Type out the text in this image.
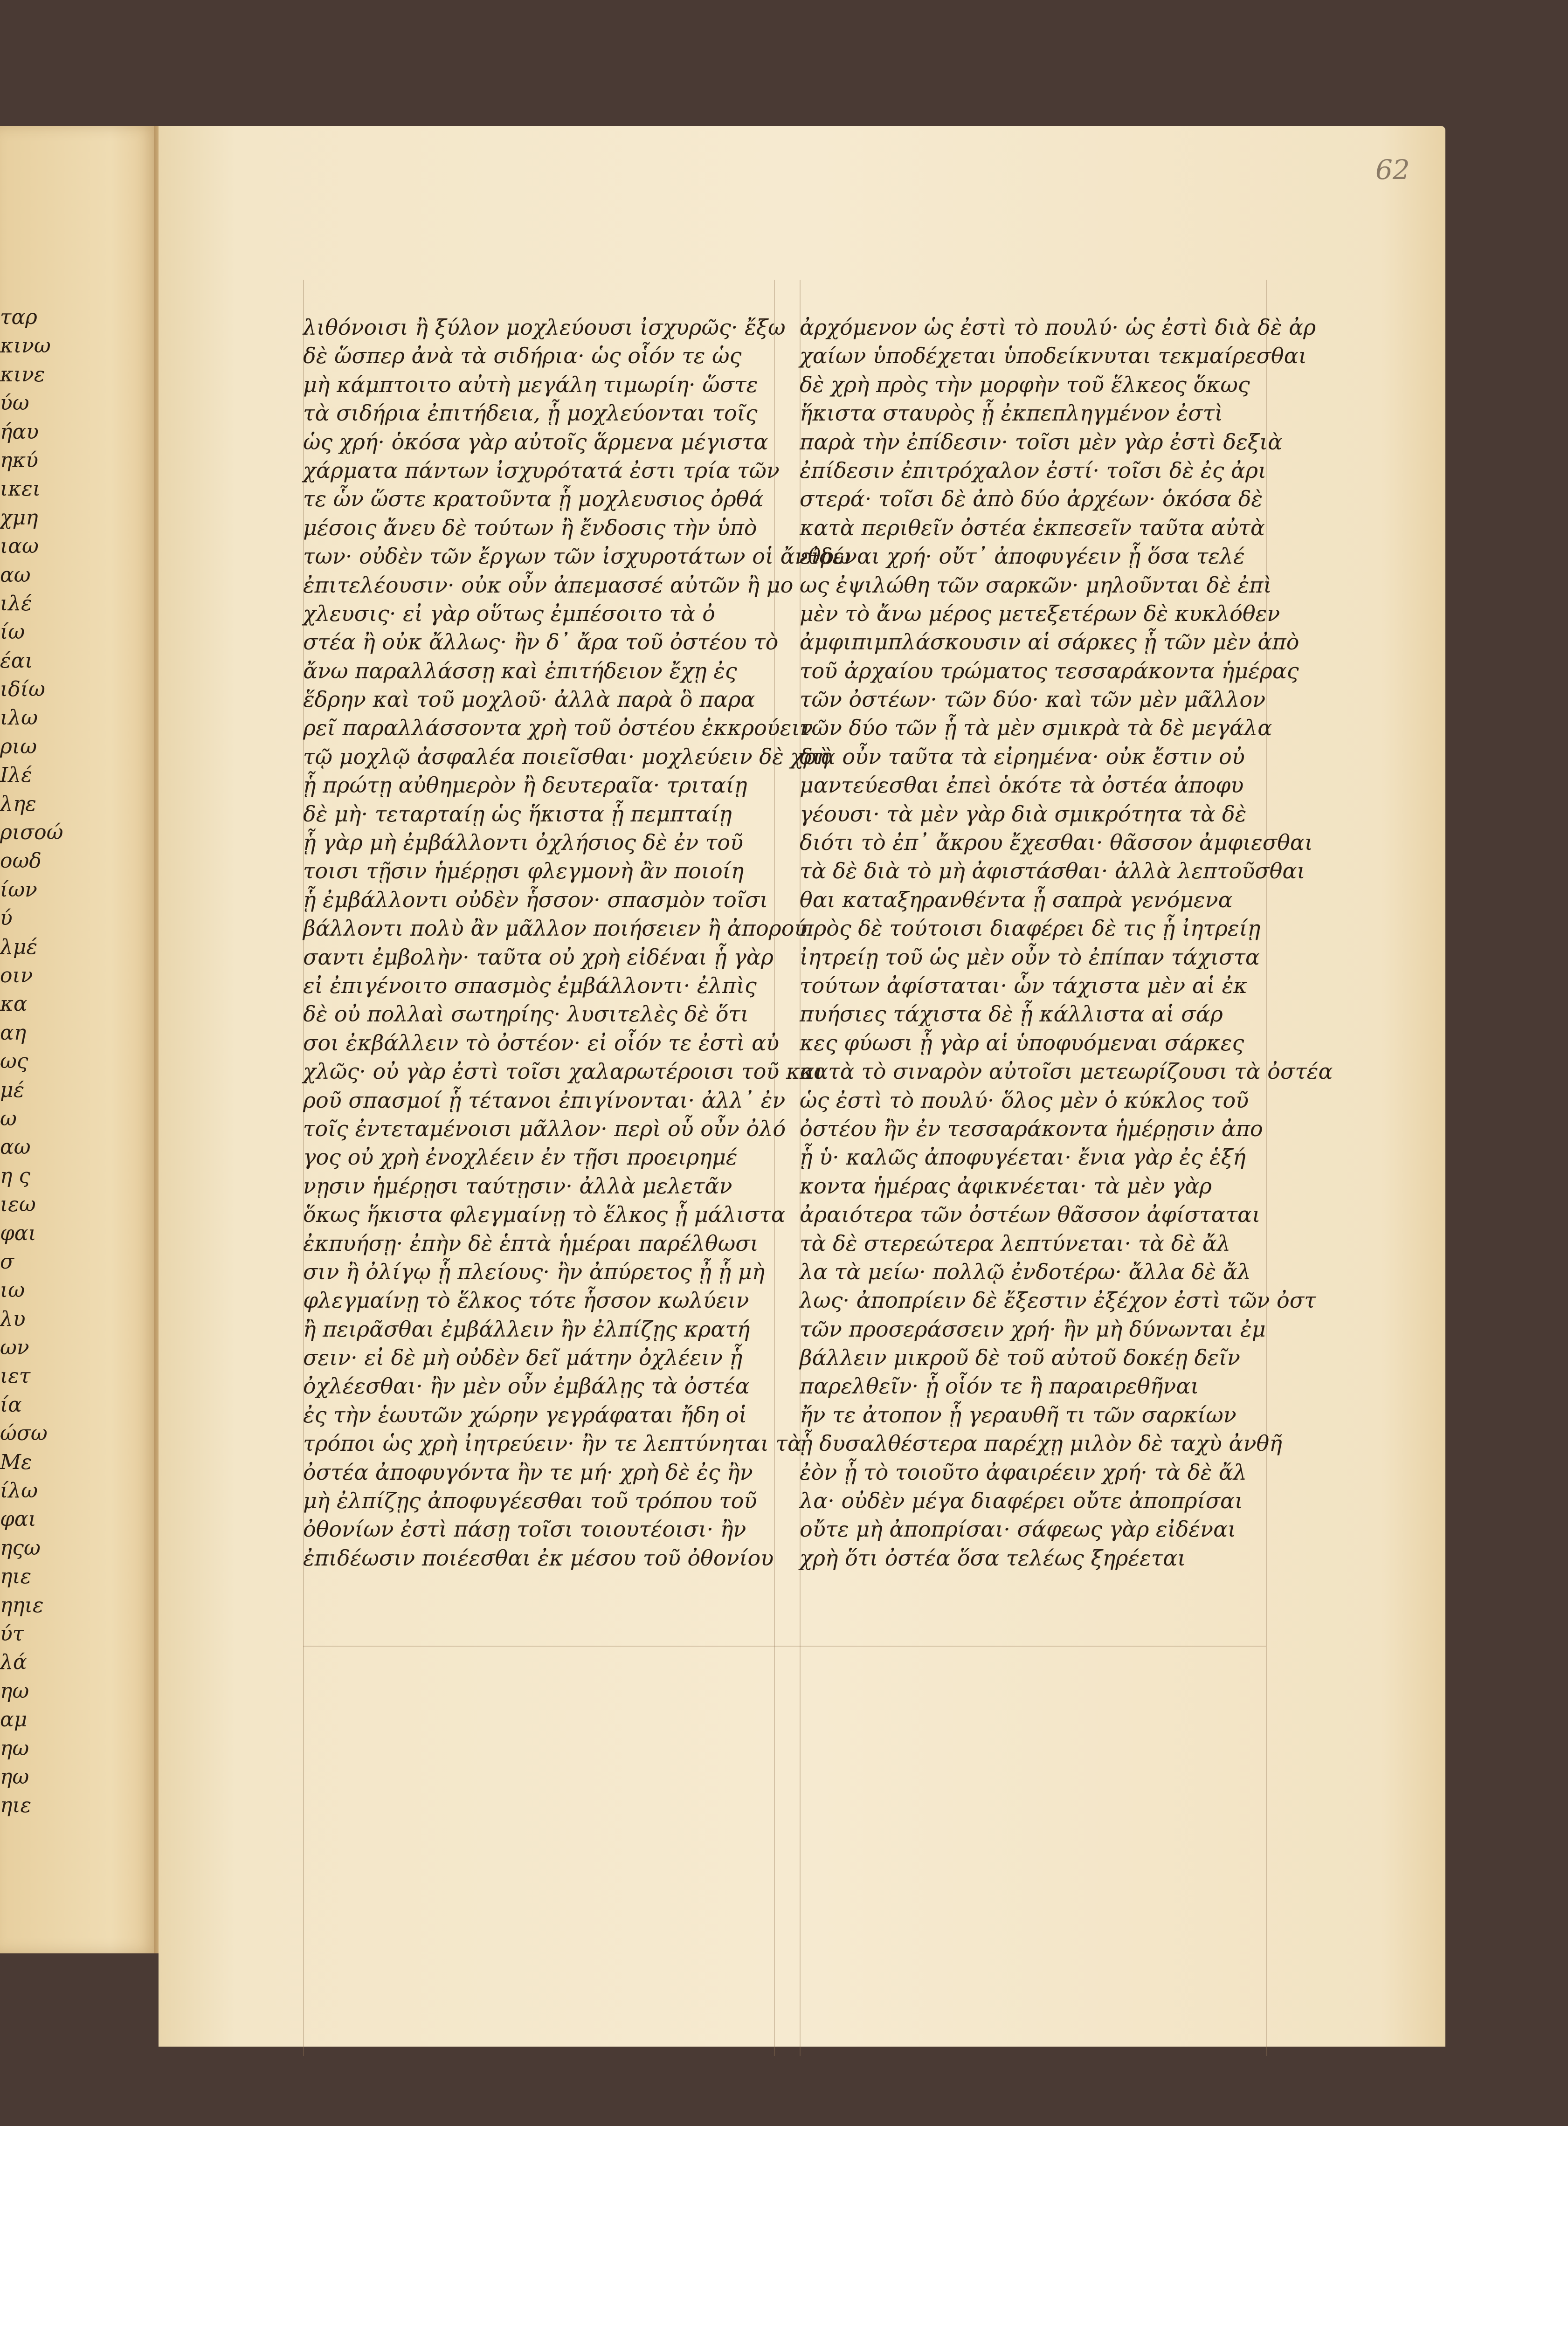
ταρ
κινω
κινε
ύω
ήαυ
ηκύ
ικει
χμη
ιαω
αω
ιλέ
ίω
έαι
ιδίω
ιλω
ριω
Ιλέ
ληε
ρισοώ
οωδ
ίων
ύ
λμέ
οιν
κα
αη
ως
μέ
ω
αω
η ς
ιεω
φαι
σ
ιω
λυ
ων
ιετ
ία
ώσω
Με
ίλω
φαι
ηςω
ηιε
ηηιε
ύτ
λά
ηω
αμ
ηω
ηω
ηιε
62
λιθόνοισι ἢ ξύλον μοχλεύουσι ἰσχυρῶς· ἔξω
δὲ ὥσπερ ἀνὰ τὰ σιδήρια· ὡς οἷόν τε ὡς
μὴ κάμπτοιτο αὐτὴ μεγάλη τιμωρίη· ὥστε
τὰ σιδήρια ἐπιτήδεια, ᾗ μοχλεύονται τοῖς
ὡς χρή· ὁκόσα γὰρ αὐτοῖς ἅρμενα μέγιστα
χάρματα πάντων ἰσχυρότατά ἐστι τρία τῶν
τε ὧν ὥστε κρατοῦντα ᾗ μοχλευσιος ὀρθά
μέσοις ἄνευ δὲ τούτων ἢ ἔνδοσις τὴν ὑπὸ
των· οὐδὲν τῶν ἔργων τῶν ἰσχυροτάτων οἱ ἄνθρω
ἐπιτελέουσιν· οὐκ οὖν ἀπεμασσέ αὐτῶν ἢ μο
χλευσις· εἰ γὰρ οὕτως ἐμπέσοιτο τὰ ὀ
στέα ἢ οὐκ ἄλλως· ἢν δ᾽ ἄρα τοῦ ὀστέου τὸ
ἄνω παραλλάσσῃ καὶ ἐπιτήδειον ἔχῃ ἐς
ἕδρην καὶ τοῦ μοχλοῦ· ἀλλὰ παρὰ ὃ παρα
ρεῖ παραλλάσσοντα χρὴ τοῦ ὀστέου ἐκκρούειν
τῷ μοχλῷ ἀσφαλέα ποιεῖσθαι· μοχλεύειν δὲ χρὴ
ᾗ πρώτῃ αὐθημερὸν ἢ δευτεραῖα· τριταίῃ
δὲ μὴ· τεταρταίῃ ὡς ἥκιστα ᾗ πεμπταίῃ
ᾗ γὰρ μὴ ἐμβάλλοντι ὀχλήσιος δὲ ἐν τοῦ
τοισι τῇσιν ἡμέρῃσι φλεγμονὴ ἂν ποιοίη
ᾗ ἐμβάλλοντι οὐδὲν ἧσσον· σπασμὸν τοῖσι
βάλλοντι πολὺ ἂν μᾶλλον ποιήσειεν ἢ ἀπορού
σαντι ἐμβολὴν· ταῦτα οὐ χρὴ εἰδέναι ᾗ γὰρ
εἰ ἐπιγένοιτο σπασμὸς ἐμβάλλοντι· ἐλπὶς
δὲ οὐ πολλαὶ σωτηρίης· λυσιτελὲς δὲ ὅτι
σοι ἐκβάλλειν τὸ ὀστέον· εἰ οἷόν τε ἐστὶ αὐ
χλῶς· οὐ γὰρ ἐστὶ τοῖσι χαλαρωτέροισι τοῦ και
ροῦ σπασμοί ᾗ τέτανοι ἐπιγίνονται· ἀλλ᾽ ἐν
τοῖς ἐντεταμένοισι μᾶλλον· περὶ οὗ οὖν ὀλό
γος οὐ χρὴ ἐνοχλέειν ἐν τῇσι προειρημέ
νῃσιν ἡμέρῃσι ταύτῃσιν· ἀλλὰ μελετᾶν
ὅκως ἥκιστα φλεγμαίνῃ τὸ ἕλκος ᾗ μάλιστα
ἐκπυήσῃ· ἐπὴν δὲ ἑπτὰ ἡμέραι παρέλθωσι
σιν ἢ ὀλίγῳ ᾗ πλείους· ἢν ἀπύρετος ᾖ ᾗ μὴ
φλεγμαίνῃ τὸ ἕλκος τότε ἧσσον κωλύειν
ἢ πειρᾶσθαι ἐμβάλλειν ἢν ἐλπίζῃς κρατή
σειν· εἰ δὲ μὴ οὐδὲν δεῖ μάτην ὀχλέειν ᾗ
ὀχλέεσθαι· ἢν μὲν οὖν ἐμβάλῃς τὰ ὀστέα
ἐς τὴν ἑωυτῶν χώρην γεγράφαται ἤδη οἱ
τρόποι ὡς χρὴ ἰητρεύειν· ἢν τε λεπτύνηται τὰ
ὀστέα ἀποφυγόντα ἢν τε μή· χρὴ δὲ ἐς ἢν
μὴ ἐλπίζῃς ἀποφυγέεσθαι τοῦ τρόπου τοῦ
ὀθονίων ἐστὶ πάσῃ τοῖσι τοιουτέοισι· ἢν
ἐπιδέωσιν ποιέεσθαι ἐκ μέσου τοῦ ὀθονίου
ἀρχόμενον ὡς ἐστὶ τὸ πουλύ· ὡς ἐστὶ διὰ δὲ ἀρ
χαίων ὑποδέχεται ὑποδείκνυται τεκμαίρεσθαι
δὲ χρὴ πρὸς τὴν μορφὴν τοῦ ἕλκεος ὅκως
ἥκιστα σταυρὸς ᾗ ἐκπεπληγμένον ἐστὶ
παρὰ τὴν ἐπίδεσιν· τοῖσι μὲν γὰρ ἐστὶ δεξιὰ
ἐπίδεσιν ἐπιτρόχαλον ἐστί· τοῖσι δὲ ἐς ἀρι
στερά· τοῖσι δὲ ἀπὸ δύο ἀρχέων· ὁκόσα δὲ
κατὰ περιθεῖν ὀστέα ἐκπεσεῖν ταῦτα αὐτὰ
εἰδέναι χρή· οὔτ᾽ ἀποφυγέειν ᾗ ὅσα τελέ
ως ἐψιλώθη τῶν σαρκῶν· μηλοῦνται δὲ ἐπὶ
μὲν τὸ ἄνω μέρος μετεξετέρων δὲ κυκλόθεν
ἀμφιπιμπλάσκουσιν αἱ σάρκες ᾗ τῶν μὲν ἀπὸ
τοῦ ἀρχαίου τρώματος τεσσαράκοντα ἡμέρας
τῶν ὀστέων· τῶν δύο· καὶ τῶν μὲν μᾶλλον
τῶν δύο τῶν ᾗ τὰ μὲν σμικρὰ τὰ δὲ μεγάλα
διὰ οὖν ταῦτα τὰ εἰρημένα· οὐκ ἔστιν οὐ
μαντεύεσθαι ἐπεὶ ὁκότε τὰ ὀστέα ἀποφυ
γέουσι· τὰ μὲν γὰρ διὰ σμικρότητα τὰ δὲ
διότι τὸ ἐπ᾽ ἄκρου ἔχεσθαι· θᾶσσον ἀμφιεσθαι
τὰ δὲ διὰ τὸ μὴ ἀφιστάσθαι· ἀλλὰ λεπτοῦσθαι
θαι καταξηρανθέντα ᾗ σαπρὰ γενόμενα
πρὸς δὲ τούτοισι διαφέρει δὲ τις ᾗ ἰητρείῃ
ἰητρείῃ τοῦ ὡς μὲν οὖν τὸ ἐπίπαν τάχιστα
τούτων ἀφίσταται· ὧν τάχιστα μὲν αἱ ἐκ
πυήσιες τάχιστα δὲ ᾗ κάλλιστα αἱ σάρ
κες φύωσι ᾗ γὰρ αἱ ὑποφυόμεναι σάρκες
κατὰ τὸ σιναρὸν αὐτοῖσι μετεωρίζουσι τὰ ὀστέα
ὡς ἐστὶ τὸ πουλύ· ὅλος μὲν ὁ κύκλος τοῦ
ὀστέου ἢν ἐν τεσσαράκοντα ἡμέρῃσιν ἀπο
ᾗ ὑ· καλῶς ἀποφυγέεται· ἔνια γὰρ ἐς ἑξή
κοντα ἡμέρας ἀφικνέεται· τὰ μὲν γὰρ
ἀραιότερα τῶν ὀστέων θᾶσσον ἀφίσταται
τὰ δὲ στερεώτερα λεπτύνεται· τὰ δὲ ἄλ
λα τὰ μείω· πολλῷ ἐνδοτέρω· ἄλλα δὲ ἄλ
λως· ἀποπρίειν δὲ ἔξεστιν ἐξέχον ἐστὶ τῶν ὀστ
τῶν προσεράσσειν χρή· ἢν μὴ δύνωνται ἐμ
βάλλειν μικροῦ δὲ τοῦ αὐτοῦ δοκέῃ δεῖν
παρελθεῖν· ᾗ οἷόν τε ἢ παραιρεθῆναι
ἤν τε ἀτοπον ᾗ γεραυθῆ τι τῶν σαρκίων
ᾗ δυσαλθέστερα παρέχῃ μιλὸν δὲ ταχὺ ἀνθῆ
ἐὸν ᾗ τὸ τοιοῦτο ἀφαιρέειν χρή· τὰ δὲ ἄλ
λα· οὐδὲν μέγα διαφέρει οὔτε ἀποπρίσαι
οὔτε μὴ ἀποπρίσαι· σάφεως γὰρ εἰδέναι
χρὴ ὅτι ὀστέα ὅσα τελέως ξηρέεται
